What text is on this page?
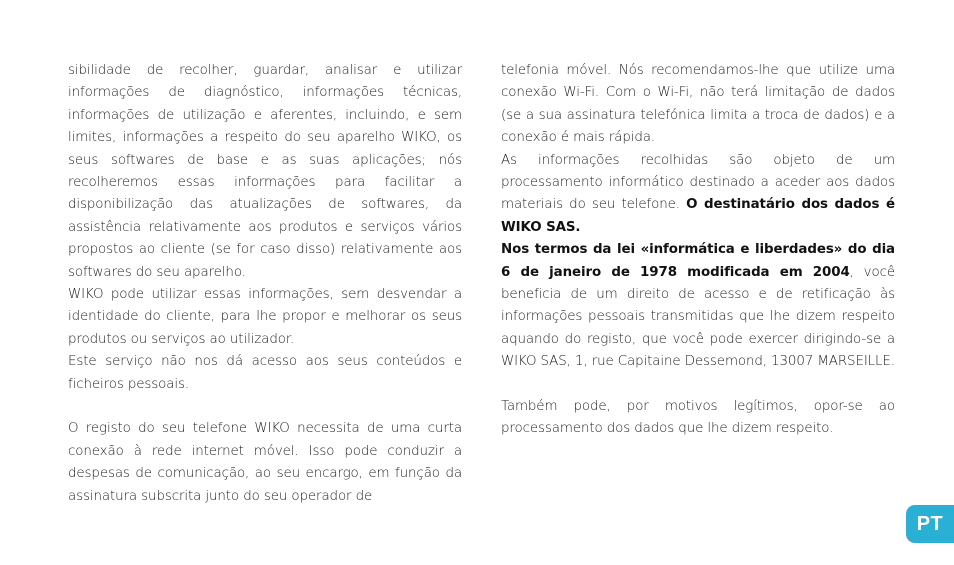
sibilidade de recolher, guardar, analisar e utilizar informações de diagnóstico, informações técnicas, informações de utilização e aferentes, incluindo, e sem limites, informações a respeito do seu aparelho WIKO, os seus softwares de base e as suas aplicações; nós recolheremos essas informações para facilitar a disponibilização das atualizações de softwares, da assistência relativamente aos produtos e serviços vários propostos ao cliente (se for caso disso) relativamente aos softwares do seu aparelho.

WIKO pode utilizar essas informações, sem desvendar a identidade do cliente, para lhe propor e melhorar os seus produtos ou serviços ao utilizador.

Este serviço não nos dá acesso aos seus conteúdos e ficheiros pessoais.

O registo do seu telefone WIKO necessita de uma curta conexão à rede internet móvel. Isso pode conduzir a despesas de comunicação, ao seu encargo, em função da assinatura subscrita junto do seu operador de

telefonia móvel. Nós recomendamos-lhe que utilize uma conexão Wi-Fi. Com o Wi-Fi, não terá limitação de dados (se a sua assinatura telefónica limita a troca de dados) e a conexão é mais rápida.

As informações recolhidas são objeto de um processamento informático destinado a aceder aos dados materiais do seu telefone. O destinatário dos dados é WIKO SAS.

Nos termos da lei «informática e liberdades» do dia 6 de janeiro de 1978 modificada em 2004, você beneficia de um direito de acesso e de retificação às informações pessoais transmitidas que lhe dizem respeito aquando do registo, que você pode exercer dirigindo-se a WIKO SAS, 1, rue Capitaine Dessemond, 13007 MARSEILLE.

Também pode, por motivos legítimos, opor-se ao processamento dos dados que lhe dizem respeito.

PT
